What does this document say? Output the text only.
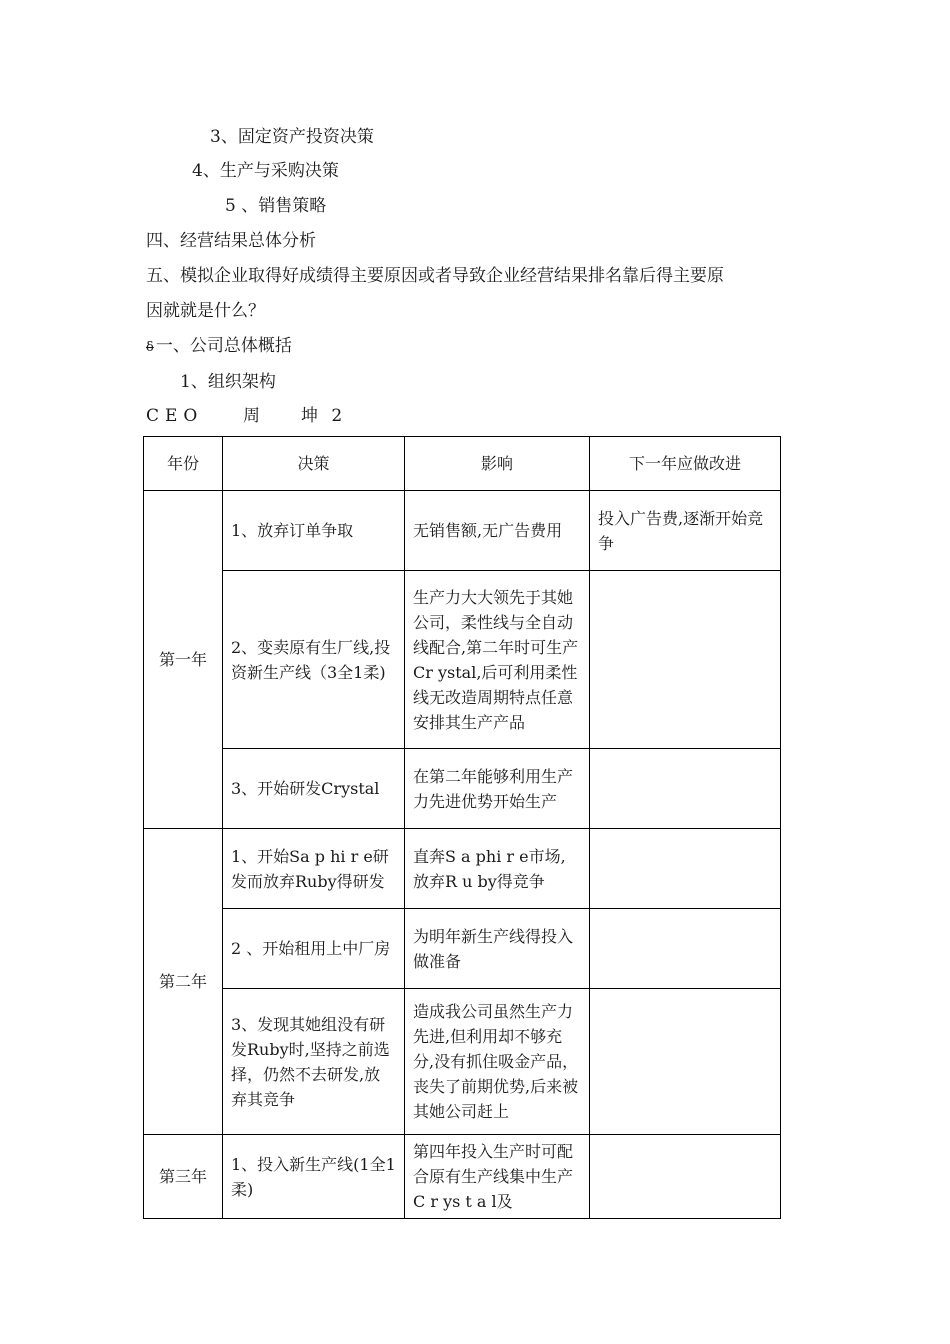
3、固定资产投资决策
4、生产与采购决策
5 、销售策略
四、经营结果总体分析
五、模拟企业取得好成绩得主要原因或者导致企业经营结果排名靠后得主要原
因就就是什么？
δ 一、公司总体概括
1、组织架构
CEO 周 坤 2
年份	决策	影响	下一年应做改进
第一年	1、放弃订单争取	无销售额,无广告费用	投入广告费,逐渐开始竞争
	2、变卖原有生厂线,投资新生产线（3全1柔)	生产力大大领先于其她公司，柔性线与全自动线配合,第二年时可生产Cr ystal,后可利用柔性线无改造周期特点任意安排其生产产品	
	3、开始研发Crystal	在第二年能够利用生产力先进优势开始生产	
第二年	1、开始Sa p hi r e研发而放弃Ruby得研发	直奔S a phi r e市场,放弃R u by得竞争	
	2 、开始租用上中厂房	为明年新生产线得投入做准备	
	3、发现其她组没有研发Ruby时,坚持之前选择，仍然不去研发,放弃其竞争	造成我公司虽然生产力先进,但利用却不够充分,没有抓住吸金产品，丧失了前期优势,后来被其她公司赶上	
第三年	1、投入新生产线(1全1柔)	第四年投入生产时可配合原有生产线集中生产C r ys t a l及	
